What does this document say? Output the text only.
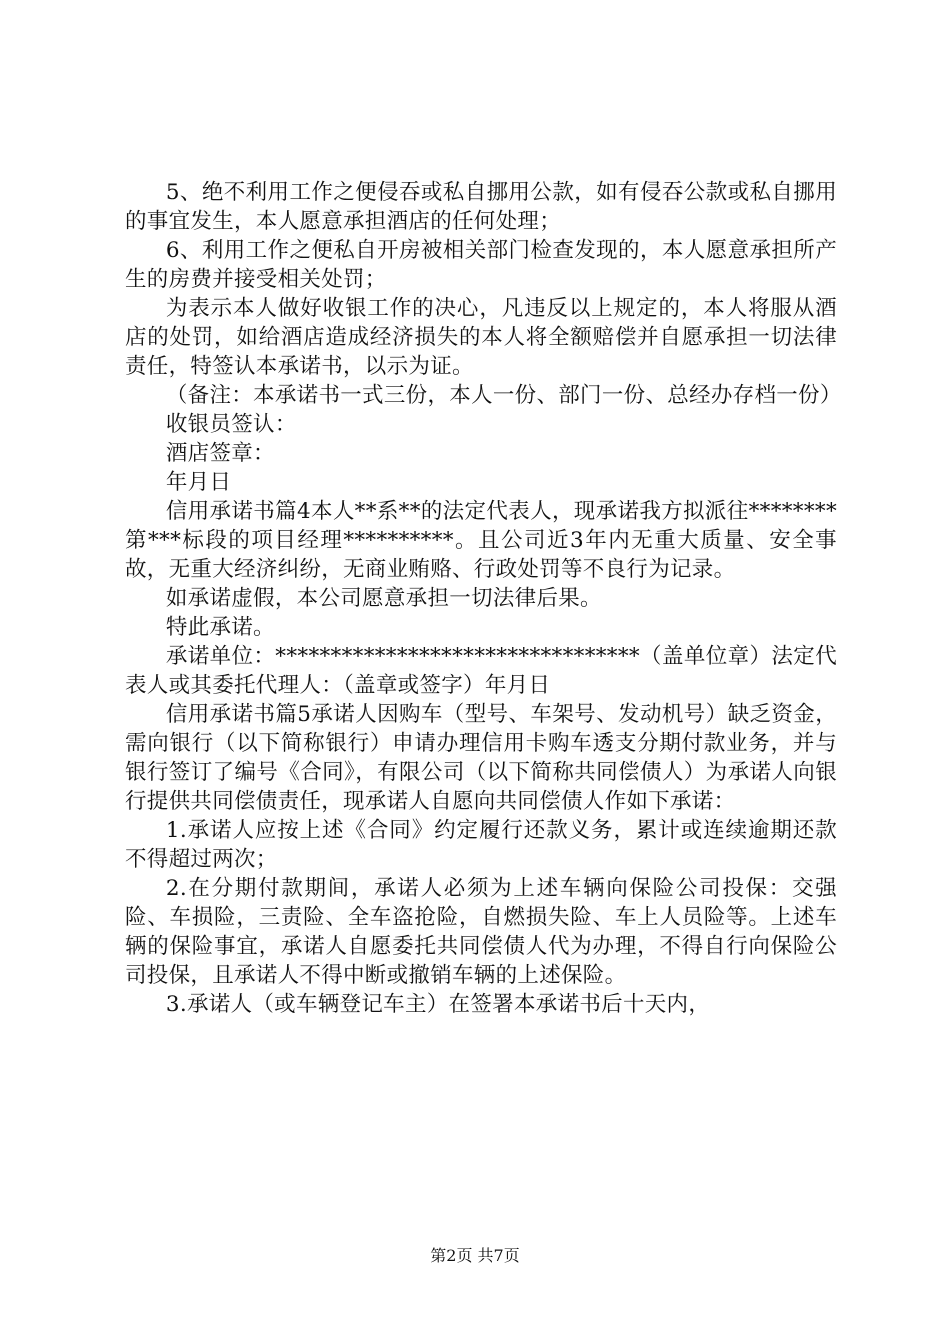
5、绝不利用工作之便侵吞或私自挪用公款，如有侵吞公款或私自挪用的事宜发生，本人愿意承担酒店的任何处理；

6、利用工作之便私自开房被相关部门检查发现的，本人愿意承担所产生的房费并接受相关处罚；

为表示本人做好收银工作的决心，凡违反以上规定的，本人将服从酒店的处罚，如给酒店造成经济损失的本人将全额赔偿并自愿承担一切法律责任，特签认本承诺书，以示为证。

（备注：本承诺书一式三份，本人一份、部门一份、总经办存档一份）

收银员签认：

酒店签章：

年月日

信用承诺书篇4本人**系**的法定代表人，现承诺我方拟派往********第***标段的项目经理**********。且公司近3年内无重大质量、安全事故，无重大经济纠纷，无商业贿赂、行政处罚等不良行为记录。

如承诺虚假，本公司愿意承担一切法律后果。

特此承诺。

承诺单位：*********************************（盖单位章）法定代表人或其委托代理人：（盖章或签字）年月日

信用承诺书篇5承诺人因购车（型号、车架号、发动机号）缺乏资金，需向银行（以下简称银行）申请办理信用卡购车透支分期付款业务，并与银行签订了编号《合同》，有限公司（以下简称共同偿债人）为承诺人向银行提供共同偿债责任，现承诺人自愿向共同偿债人作如下承诺：

1.承诺人应按上述《合同》约定履行还款义务，累计或连续逾期还款不得超过两次；

2.在分期付款期间，承诺人必须为上述车辆向保险公司投保：交强险、车损险，三责险、全车盗抢险，自燃损失险、车上人员险等。上述车辆的保险事宜，承诺人自愿委托共同偿债人代为办理，不得自行向保险公司投保，且承诺人不得中断或撤销车辆的上述保险。

3.承诺人（或车辆登记车主）在签署本承诺书后十天内，

第2页 共7页
